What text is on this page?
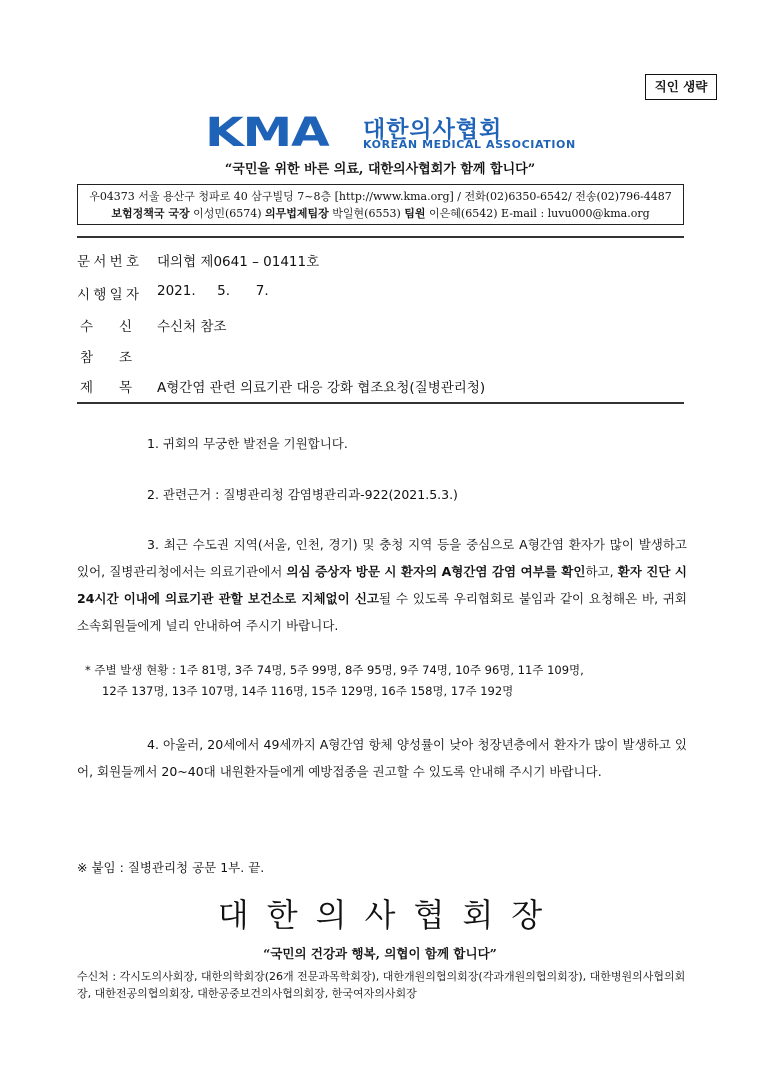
직인 생략
KMA 대한의사협회
KOREAN MEDICAL ASSOCIATION
“국민을 위한 바른 의료, 대한의사협회가 함께 합니다”
우04373 서울 용산구 청파로 40 삼구빌딩 7~8층 [http://www.kma.org] / 전화(02)6350-6542/ 전송(02)796-4487
보험정책국 국장 이성민(6574) 의무법제팀장 박일현(6553) 팀원 이은혜(6542) E-mail : luvu000@kma.org
문 서 번 호 대의협 제0641 – 01411호
시 행 일 자 2021.     5.      7.
수 신 수신처 참조
참 조
제 목 A형간염 관련 의료기관 대응 강화 협조요청(질병관리청)
1. 귀회의 무궁한 발전을 기원합니다.
2. 관련근거 : 질병관리청 감염병관리과-922(2021.5.3.)
3. 최근 수도권 지역(서울, 인천, 경기) 및 충청 지역 등을 중심으로 A형간염 환자가 많이 발생하고 있어, 질병관리청에서는 의료기관에서 의심 증상자 방문 시 환자의 A형간염 감염 여부를 확인하고, 환자 진단 시 24시간 이내에 의료기관 관할 보건소로 지체없이 신고될 수 있도록 우리협회로 붙임과 같이 요청해온 바, 귀회 소속회원들에게 널리 안내하여 주시기 바랍니다.
* 주별 발생 현황 : 1주 81명, 3주 74명, 5주 99명, 8주 95명, 9주 74명, 10주 96명, 11주 109명,
12주 137명, 13주 107명, 14주 116명, 15주 129명, 16주 158명, 17주 192명
4. 아울러, 20세에서 49세까지 A형간염 항체 양성률이 낮아 청장년층에서 환자가 많이 발생하고 있어, 회원들께서 20~40대 내원환자들에게 예방접종을 권고할 수 있도록 안내해 주시기 바랍니다.
※ 붙임 : 질병관리청 공문 1부. 끝.
대한의사협회장
“국민의 건강과 행복, 의협이 함께 합니다”
수신처 : 각시도의사회장, 대한의학회장(26개 전문과목학회장), 대한개원의협의회장(각과개원의협의회장), 대한병원의사협의회장, 대한전공의협의회장, 대한공중보건의사협의회장, 한국여자의사회장
